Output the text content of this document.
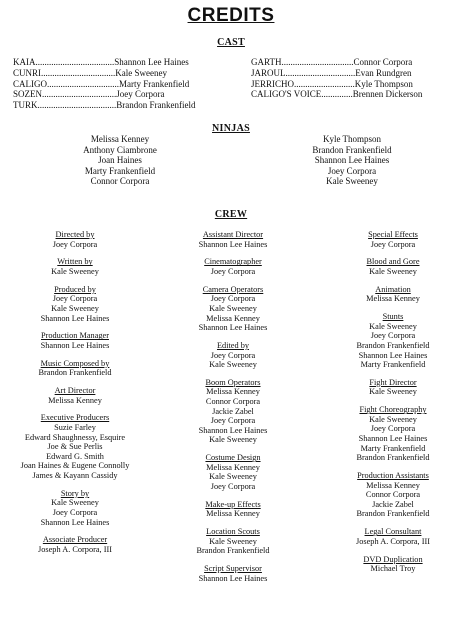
CREDITS
CAST
KAIA...................................Shannon Lee Haines
CUNRI.................................Kale Sweeney
CALIGO................................Marty Frankenfield
SOZEN.................................Joey Corpora
TURK...................................Brandon Frankenfield
GARTH................................Connor Corpora
JAROUL...............................Evan Rundgren
JERRICHO...........................Kyle Thompson
CALIGO'S VOICE..............Brennen Dickerson
NINJAS
Melissa Kenney
Anthony Ciambrone
Joan Haines
Marty Frankenfield
Connor Corpora
Kyle Thompson
Brandon Frankenfield
Shannon Lee Haines
Joey Corpora
Kale Sweeney
CREW
Directed by
Joey Corpora
Written by
Kale Sweeney
Produced by
Joey Corpora
Kale Sweeney
Shannon Lee Haines
Production Manager
Shannon Lee Haines
Music Composed by
Brandon Frankenfield
Art Director
Melissa Kenney
Executive Producers
Suzie Farley
Edward Shaughnessy, Esquire
Joe & Sue Perlis
Edward G. Smith
Joan Haines & Eugene Connolly
James & Kayann Cassidy
Story by
Kale Sweeney
Joey Corpora
Shannon Lee Haines
Associate Producer
Joseph A. Corpora, III
Assistant Director
Shannon Lee Haines
Cinematographer
Joey Corpora
Camera Operators
Joey Corpora
Kale Sweeney
Melissa Kenney
Shannon Lee Haines
Edited by
Joey Corpora
Kale Sweeney
Boom Operators
Melissa Kenney
Connor Corpora
Jackie Zabel
Joey Corpora
Shannon Lee Haines
Kale Sweeney
Costume Design
Melissa Kenney
Kale Sweeney
Joey Corpora
Make-up Effects
Melissa Kenney
Location Scouts
Kale Sweeney
Brandon Frankenfield
Script Supervisor
Shannon Lee Haines
Special Effects
Joey Corpora
Blood and Gore
Kale Sweeney
Animation
Melissa Kenney
Stunts
Kale Sweeney
Joey Corpora
Brandon Frankenfield
Shannon Lee Haines
Marty Frankenfield
Fight Director
Kale Sweeney
Fight Choreography
Kale Sweeney
Joey Corpora
Shannon Lee Haines
Marty Frankenfield
Brandon Frankenfield
Production Assistants
Melissa Kenney
Connor Corpora
Jackie Zabel
Brandon Frankenfield
Legal Consultant
Joseph A. Corpora, III
DVD Duplication
Michael Troy
